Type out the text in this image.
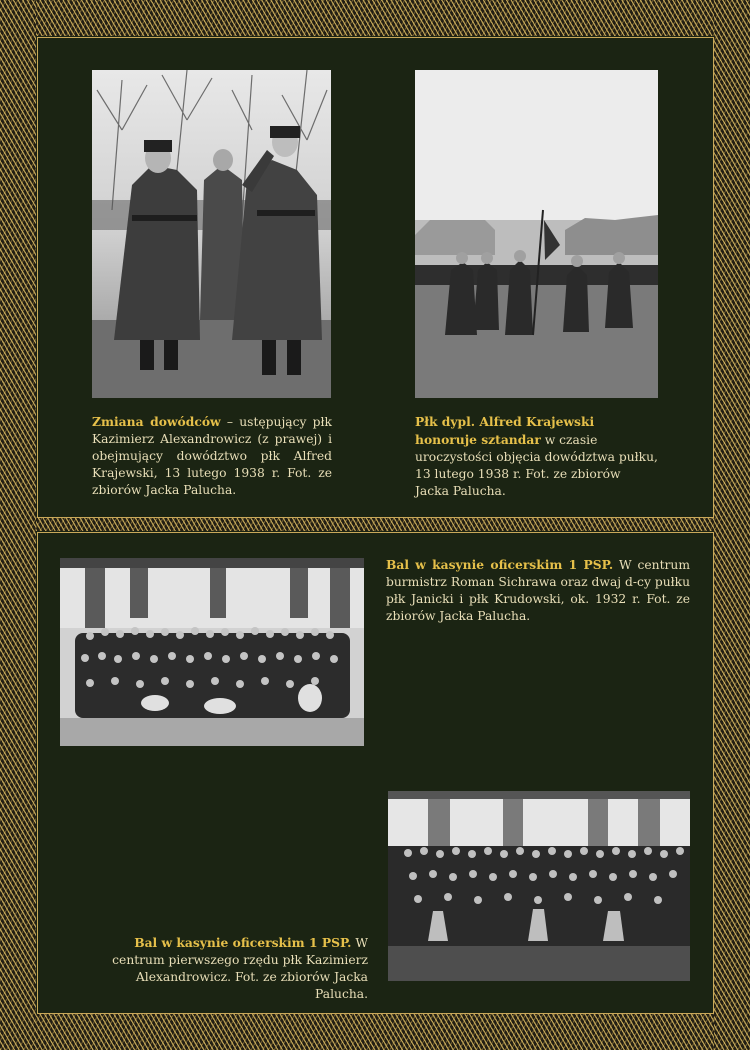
Zmiana dowódców – ustępujący płk Kazimierz Alexandrowicz (z prawej) i obejmujący dowództwo płk Alfred Krajewski, 13 lutego 1938 r. Fot. ze zbiorów Jacka Palucha.
Płk dypl. Alfred Krajewski honoruje sztandar w czasie uroczystości objęcia dowództwa pułku, 13 lutego 1938 r. Fot. ze zbiorów Jacka Palucha.
Bal w kasynie oficerskim 1 PSP. W centrum burmistrz Roman Sichrawa oraz dwaj d-cy pułku płk Janicki i płk Krudowski, ok. 1932 r. Fot. ze zbiorów Jacka Palucha.
Bal w kasynie oficerskim 1 PSP. W centrum pierwszego rzędu płk Kazimierz Alexandrowicz. Fot. ze zbiorów Jacka Palucha.
